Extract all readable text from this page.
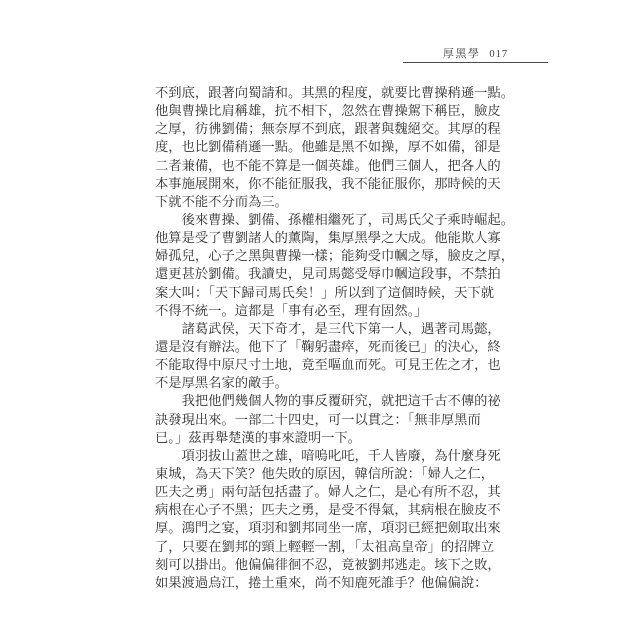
厚黑學 017
不到底，跟著向蜀請和。其黑的程度，就要比曹操稍遜一點。
他與曹操比肩稱雄，抗不相下，忽然在曹操駕下稱臣，臉皮
之厚，彷彿劉備；無奈厚不到底，跟著與魏絕交。其厚的程
度，也比劉備稍遜一點。他雖是黑不如操，厚不如備，卻是
二者兼備，也不能不算是一個英雄。他們三個人，把各人的
本事施展開來，你不能征服我，我不能征服你，那時候的天
下就不能不分而為三。
　　後來曹操、劉備、孫權相繼死了，司馬氏父子乘時崛起。
他算是受了曹劉諸人的薰陶，集厚黑學之大成。他能欺人寡
婦孤兒，心子之黑與曹操一樣；能夠受巾幗之辱，臉皮之厚，
還更甚於劉備。我讀史，見司馬懿受辱巾幗這段事，不禁拍
案大叫：「天下歸司馬氏矣！」所以到了這個時候，天下就
不得不統一。這都是「事有必至，理有固然。」
　　諸葛武侯，天下奇才，是三代下第一人，遇著司馬懿，
還是沒有辦法。他下了「鞠躬盡瘁，死而後已」的決心，終
不能取得中原尺寸土地，竟至嘔血而死。可見王佐之才，也
不是厚黑名家的敵手。
　　我把他們幾個人物的事反覆研究，就把這千古不傳的祕
訣發現出來。一部二十四史，可一以貫之：「無非厚黑而
已。」茲再舉楚漢的事來證明一下。
　　項羽拔山蓋世之雄，喑嗚叱吒，千人皆廢，為什麼身死
東城，為天下笑？他失敗的原因，韓信所說：「婦人之仁，
匹夫之勇」兩句話包括盡了。婦人之仁，是心有所不忍，其
病根在心子不黑；匹夫之勇，是受不得氣，其病根在臉皮不
厚。鴻門之宴，項羽和劉邦同坐一席，項羽已經把劍取出來
了，只要在劉邦的頸上輕輕一割，「太祖高皇帝」的招牌立
刻可以掛出。他偏偏徘徊不忍，竟被劉邦逃走。垓下之敗，
如果渡過烏江，捲土重來，尚不知鹿死誰手？他偏偏說：
